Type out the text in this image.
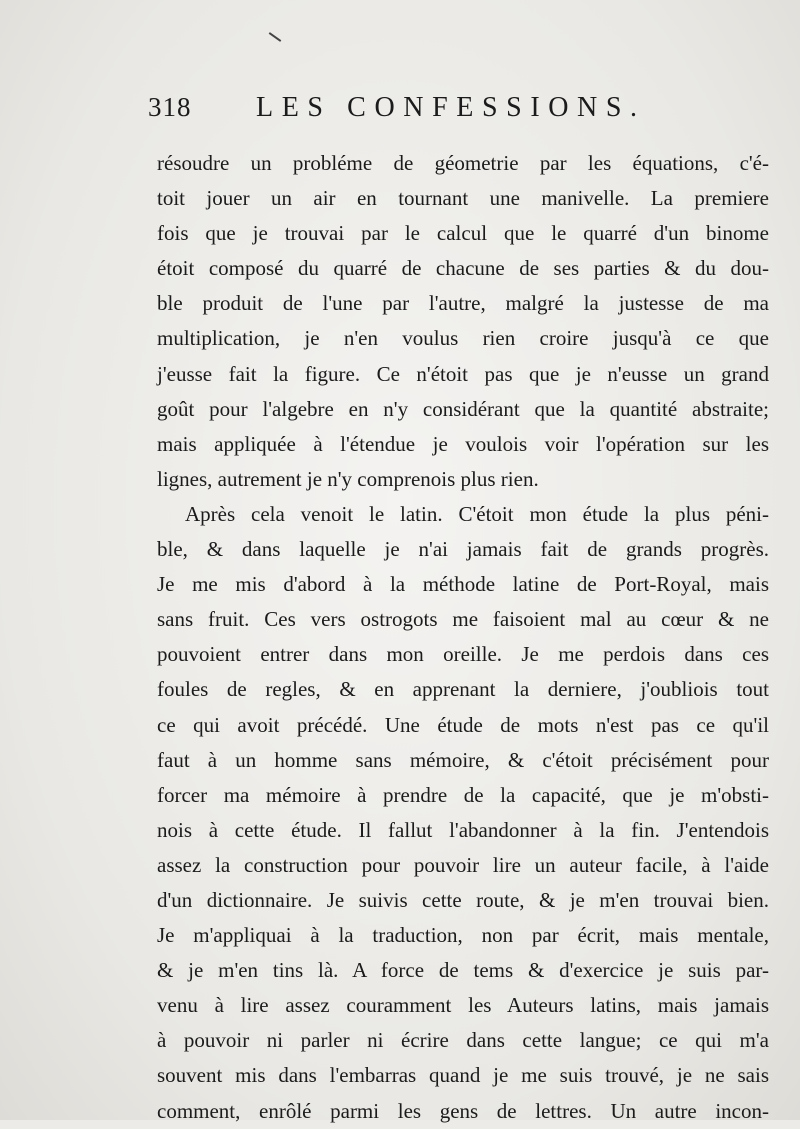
318 LES CONFESSIONS.
résoudre un probléme de géometrie par les équations, c'é-
toit jouer un air en tournant une manivelle. La premiere
fois que je trouvai par le calcul que le quarré d'un binome
étoit composé du quarré de chacune de ses parties & du dou-
ble produit de l'une par l'autre, malgré la justesse de ma
multiplication, je n'en voulus rien croire jusqu'à ce que
j'eusse fait la figure. Ce n'étoit pas que je n'eusse un grand
goût pour l'algebre en n'y considérant que la quantité abstraite;
mais appliquée à l'étendue je voulois voir l'opération sur les
lignes, autrement je n'y comprenois plus rien.
Après cela venoit le latin. C'étoit mon étude la plus péni-
ble, & dans laquelle je n'ai jamais fait de grands progrès.
Je me mis d'abord à la méthode latine de Port-Royal, mais
sans fruit. Ces vers ostrogots me faisoient mal au cœur & ne
pouvoient entrer dans mon oreille. Je me perdois dans ces
foules de regles, & en apprenant la derniere, j'oubliois tout
ce qui avoit précédé. Une étude de mots n'est pas ce qu'il
faut à un homme sans mémoire, & c'étoit précisément pour
forcer ma mémoire à prendre de la capacité, que je m'obsti-
nois à cette étude. Il fallut l'abandonner à la fin. J'entendois
assez la construction pour pouvoir lire un auteur facile, à l'aide
d'un dictionnaire. Je suivis cette route, & je m'en trouvai bien.
Je m'appliquai à la traduction, non par écrit, mais mentale,
& je m'en tins là. A force de tems & d'exercice je suis par-
venu à lire assez couramment les Auteurs latins, mais jamais
à pouvoir ni parler ni écrire dans cette langue; ce qui m'a
souvent mis dans l'embarras quand je me suis trouvé, je ne sais
comment, enrôlé parmi les gens de lettres. Un autre incon-
